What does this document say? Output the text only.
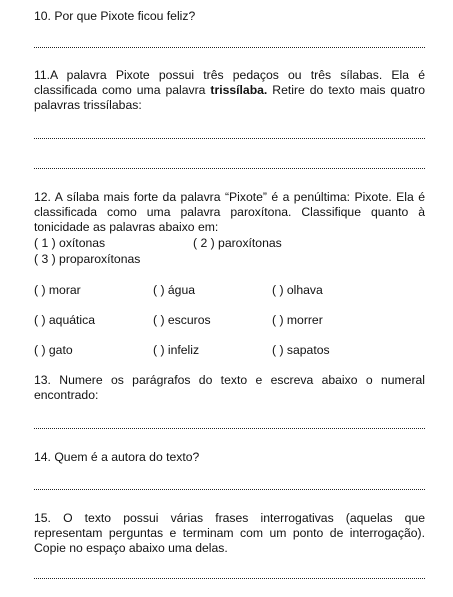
10. Por que Pixote ficou feliz?
11.A palavra Pixote possui três pedaços ou três sílabas. Ela é classificada como uma palavra trissílaba. Retire do texto mais quatro palavras trissílabas:
12. A sílaba mais forte da palavra “Pixote” é a penúltima: Pixote. Ela é classificada como uma palavra paroxítona. Classifique quanto à tonicidade as palavras abaixo em:
( 1 ) oxítonas	( 2 ) paroxítonas
( 3 ) proparoxítonas
( ) morar	( ) água	( ) olhava
( ) aquática	( ) escuros	( ) morrer
( ) gato	( ) infeliz	( ) sapatos
13. Numere os parágrafos do texto e escreva abaixo o numeral encontrado:
14. Quem é a autora do texto?
15. O texto possui várias frases interrogativas (aquelas que representam perguntas e terminam com um ponto de interrogação). Copie no espaço abaixo uma delas.
